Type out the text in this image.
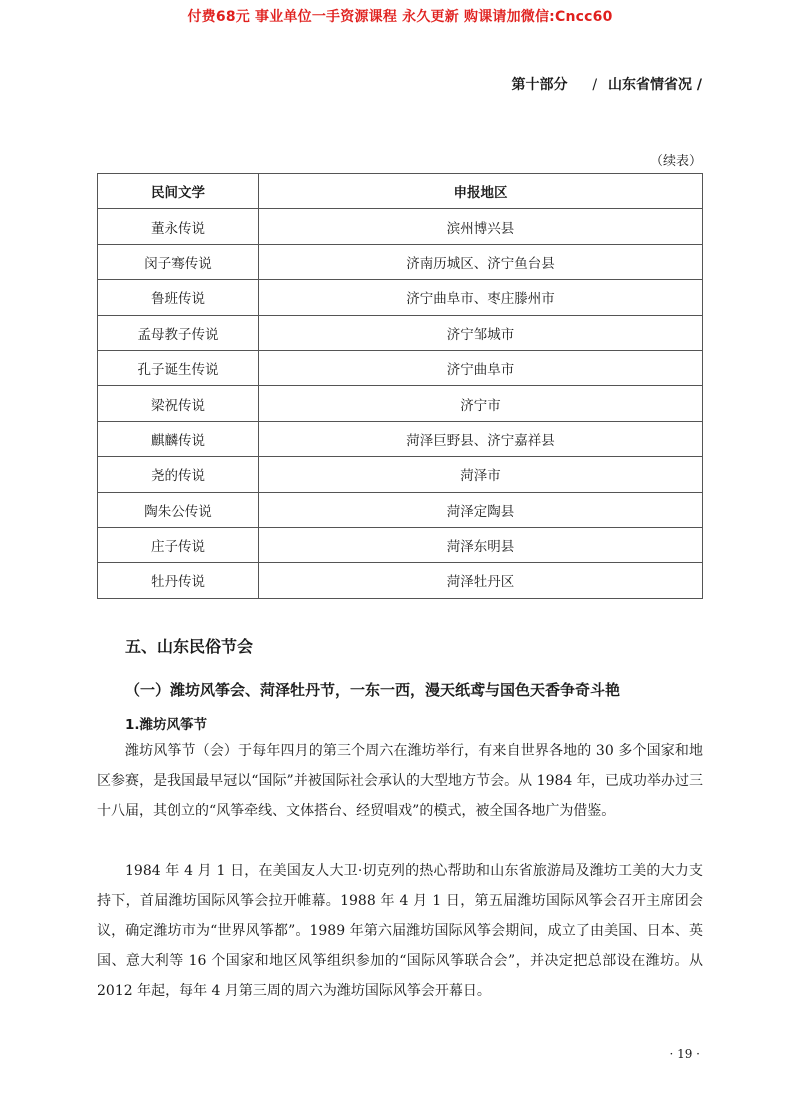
付费68元 事业单位一手资源课程 永久更新 购课请加微信:Cncc60
第十部分 / 山东省情省况 /
（续表）
民间文学	申报地区
董永传说	滨州博兴县
闵子骞传说	济南历城区、济宁鱼台县
鲁班传说	济宁曲阜市、枣庄滕州市
孟母教子传说	济宁邹城市
孔子诞生传说	济宁曲阜市
梁祝传说	济宁市
麒麟传说	菏泽巨野县、济宁嘉祥县
尧的传说	菏泽市
陶朱公传说	菏泽定陶县
庄子传说	菏泽东明县
牡丹传说	菏泽牡丹区
五、山东民俗节会
（一）潍坊风筝会、菏泽牡丹节，一东一西，漫天纸鸢与国色天香争奇斗艳
1.潍坊风筝节

潍坊风筝节（会）于每年四月的第三个周六在潍坊举行，有来自世界各地的 30 多个国家和地区参赛，是我国最早冠以“国际”并被国际社会承认的大型地方节会。从 1984 年，已成功举办过三十八届，其创立的“风筝牵线、文体搭台、经贸唱戏”的模式，被全国各地广为借鉴。

1984 年 4 月 1 日，在美国友人大卫·切克列的热心帮助和山东省旅游局及潍坊工美的大力支持下，首届潍坊国际风筝会拉开帷幕。1988 年 4 月 1 日，第五届潍坊国际风筝会召开主席团会议，确定潍坊市为“世界风筝都”。1989 年第六届潍坊国际风筝会期间，成立了由美国、日本、英国、意大利等 16 个国家和地区风筝组织参加的“国际风筝联合会”，并决定把总部设在潍坊。从 2012 年起，每年 4 月第三周的周六为潍坊国际风筝会开幕日。

· 19 ·
